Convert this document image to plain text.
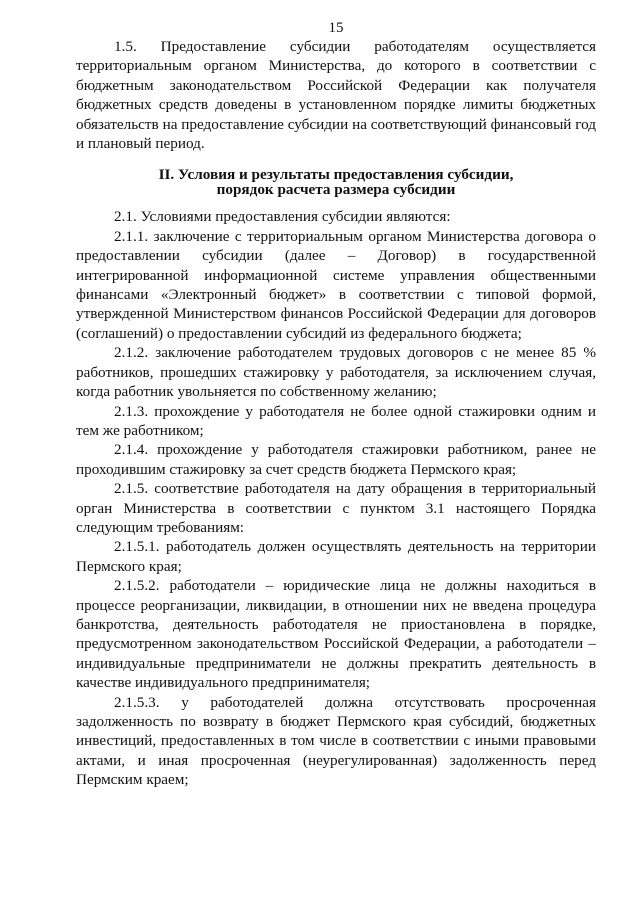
15

1.5. Предоставление субсидии работодателям осуществляется территориальным органом Министерства, до которого в соответствии с бюджетным законодательством Российской Федерации как получателя бюджетных средств доведены в установленном порядке лимиты бюджетных обязательств на предоставление субсидии на соответствующий финансовый год и плановый период.

II. Условия и результаты предоставления субсидии,
порядок расчета размера субсидии

2.1. Условиями предоставления субсидии являются:

2.1.1. заключение с территориальным органом Министерства договора о предоставлении субсидии (далее – Договор) в государственной интегрированной информационной системе управления общественными финансами «Электронный бюджет» в соответствии с типовой формой, утвержденной Министерством финансов Российской Федерации для договоров (соглашений) о предоставлении субсидий из федерального бюджета;

2.1.2. заключение работодателем трудовых договоров с не менее 85 % работников, прошедших стажировку у работодателя, за исключением случая, когда работник увольняется по собственному желанию;

2.1.3. прохождение у работодателя не более одной стажировки одним и тем же работником;

2.1.4. прохождение у работодателя стажировки работником, ранее не проходившим стажировку за счет средств бюджета Пермского края;

2.1.5. соответствие работодателя на дату обращения в территориальный орган Министерства в соответствии с пунктом 3.1 настоящего Порядка следующим требованиям:

2.1.5.1. работодатель должен осуществлять деятельность на территории Пермского края;

2.1.5.2. работодатели – юридические лица не должны находиться в процессе реорганизации, ликвидации, в отношении них не введена процедура банкротства, деятельность работодателя не приостановлена в порядке, предусмотренном законодательством Российской Федерации, а работодатели – индивидуальные предприниматели не должны прекратить деятельность в качестве индивидуального предпринимателя;

2.1.5.3. у работодателей должна отсутствовать просроченная задолженность по возврату в бюджет Пермского края субсидий, бюджетных инвестиций, предоставленных в том числе в соответствии с иными правовыми актами, и иная просроченная (неурегулированная) задолженность перед Пермским краем;
